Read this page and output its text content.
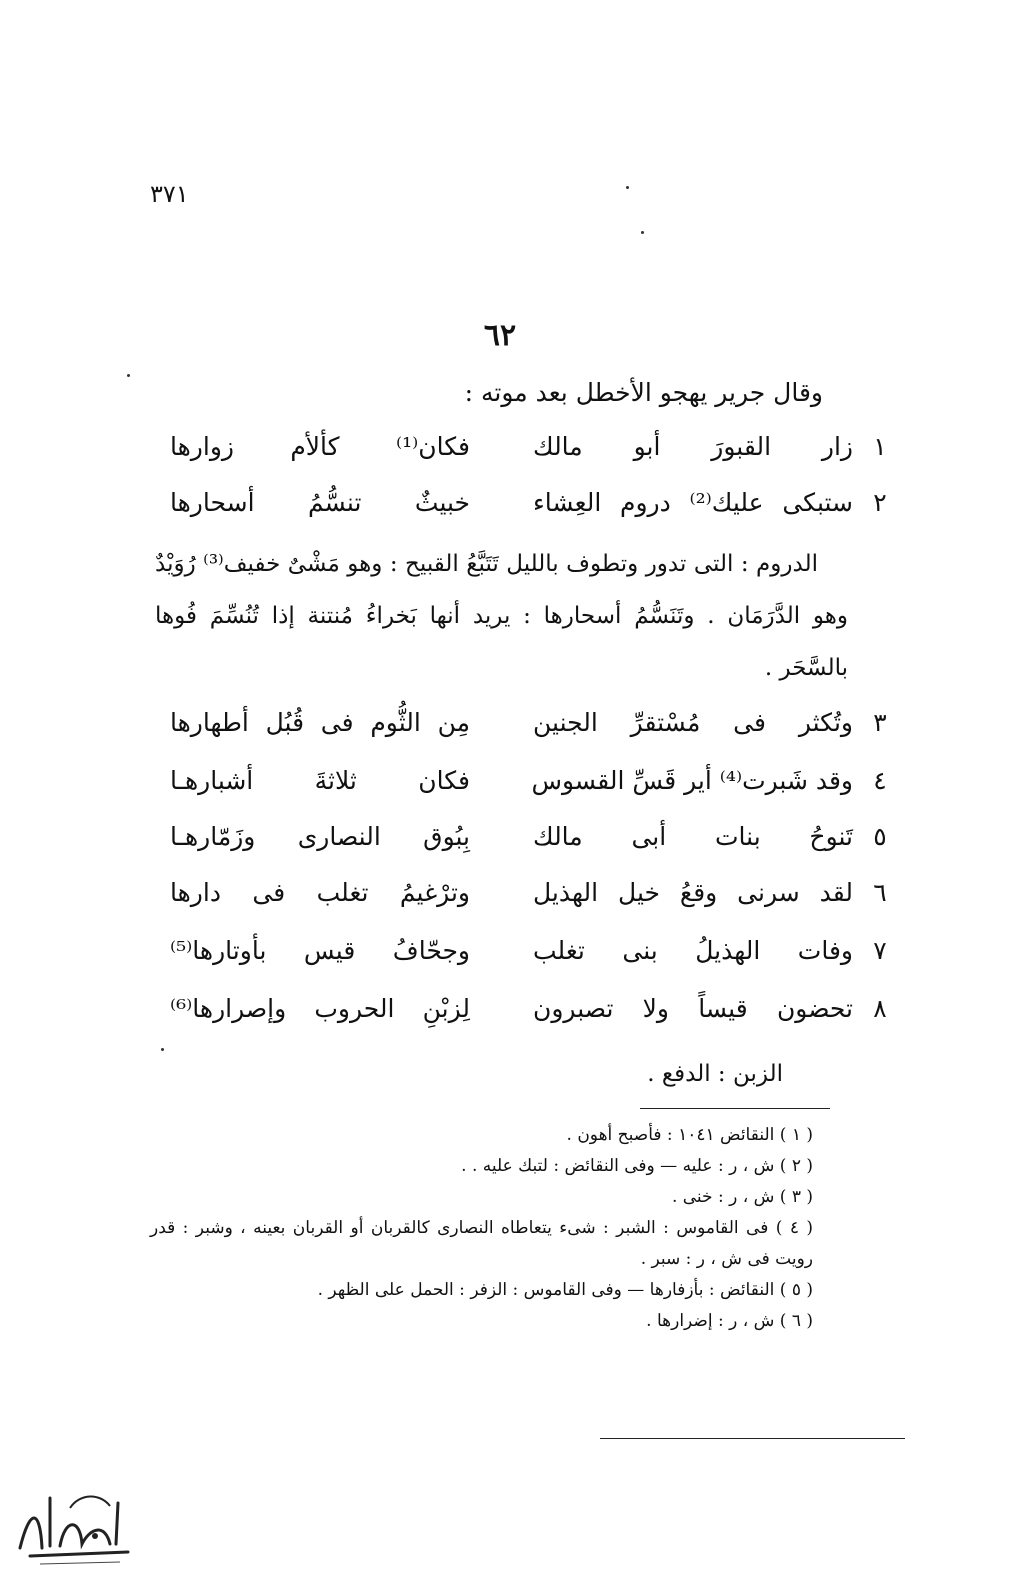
٣٧١
٦٢
وقال جرير يهجو الأخطل بعد موته :
١
زار القبورَ أبو مالك
فكان⁽¹⁾ كألأم زوارها
٢
ستبكى عليك⁽²⁾ دروم العِشاء
خبيثٌ تنسُّمُ أسحارها
الدروم : التى تدور وتطوف بالليل تَتَبَّعُ القبيح : وهو مَشْىٌ خفيف⁽³⁾ رُوَيْدٌ وهو الدَّرَمَان . وتَنَسُّمُ أسحارها : يريد أنها بَخراءُ مُنتنة إذا تُنُسِّمَ فُوها بالسَّحَر .
٣
وتُكثر فى مُسْتقرِّ الجنين
مِن الثُّوم فى قُبُل أطهارها
٤
وقد شَبرت⁽⁴⁾ أير قَسِّ القسوس
فكان ثلاثةَ أشبارهـا
٥
تَنوحُ بنات أبى مالك
بِبُوق النصارى وزَمّارهـا
٦
لقد سرنى وقعُ خيل الهذيل
وترْغيمُ تغلب فى دارها
٧
وفات الهذيلُ بنى تغلب
وجحّافُ قيس بأوتارها⁽⁵⁾
٨
تحضون قيساً ولا تصبرون
لِزبْنِ الحروب وإصرارها⁽⁶⁾
الزبن : الدفع .
( ١ ) النقائض ١٠٤١ : فأصبح أهون .
( ٢ ) ش ، ر : عليه — وفى النقائض : لتبك عليه . .
( ٣ ) ش ، ر : خنى .
( ٤ ) فى القاموس : الشبر : شىء يتعاطاه النصارى كالقربان أو القربان بعينه ، وشبر : قدر رويت فى ش ، ر : سبر .
( ٥ ) النقائض : بأزفارها — وفى القاموس : الزفر : الحمل على الظهر .
( ٦ ) ش ، ر : إضرارها .
